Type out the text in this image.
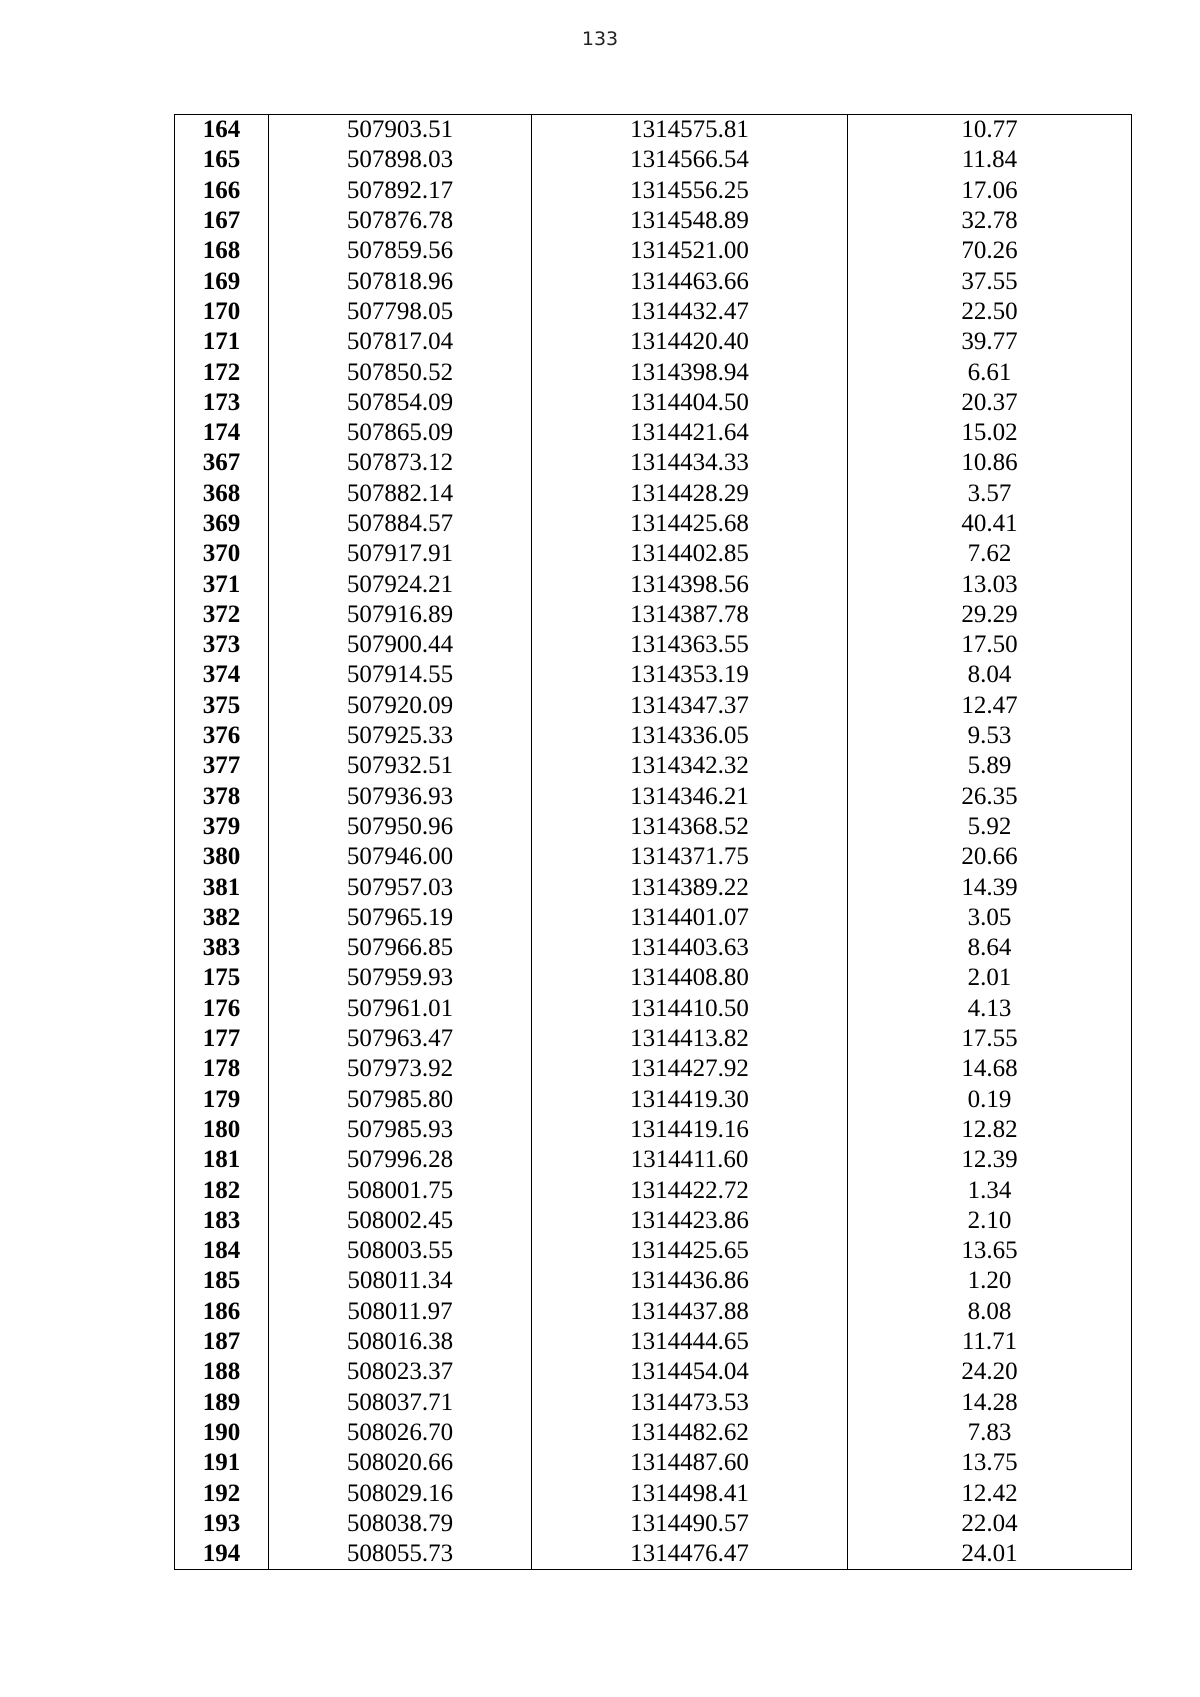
133
164	507903.51	1314575.81	10.77
165	507898.03	1314566.54	11.84
166	507892.17	1314556.25	17.06
167	507876.78	1314548.89	32.78
168	507859.56	1314521.00	70.26
169	507818.96	1314463.66	37.55
170	507798.05	1314432.47	22.50
171	507817.04	1314420.40	39.77
172	507850.52	1314398.94	6.61
173	507854.09	1314404.50	20.37
174	507865.09	1314421.64	15.02
367	507873.12	1314434.33	10.86
368	507882.14	1314428.29	3.57
369	507884.57	1314425.68	40.41
370	507917.91	1314402.85	7.62
371	507924.21	1314398.56	13.03
372	507916.89	1314387.78	29.29
373	507900.44	1314363.55	17.50
374	507914.55	1314353.19	8.04
375	507920.09	1314347.37	12.47
376	507925.33	1314336.05	9.53
377	507932.51	1314342.32	5.89
378	507936.93	1314346.21	26.35
379	507950.96	1314368.52	5.92
380	507946.00	1314371.75	20.66
381	507957.03	1314389.22	14.39
382	507965.19	1314401.07	3.05
383	507966.85	1314403.63	8.64
175	507959.93	1314408.80	2.01
176	507961.01	1314410.50	4.13
177	507963.47	1314413.82	17.55
178	507973.92	1314427.92	14.68
179	507985.80	1314419.30	0.19
180	507985.93	1314419.16	12.82
181	507996.28	1314411.60	12.39
182	508001.75	1314422.72	1.34
183	508002.45	1314423.86	2.10
184	508003.55	1314425.65	13.65
185	508011.34	1314436.86	1.20
186	508011.97	1314437.88	8.08
187	508016.38	1314444.65	11.71
188	508023.37	1314454.04	24.20
189	508037.71	1314473.53	14.28
190	508026.70	1314482.62	7.83
191	508020.66	1314487.60	13.75
192	508029.16	1314498.41	12.42
193	508038.79	1314490.57	22.04
194	508055.73	1314476.47	24.01
